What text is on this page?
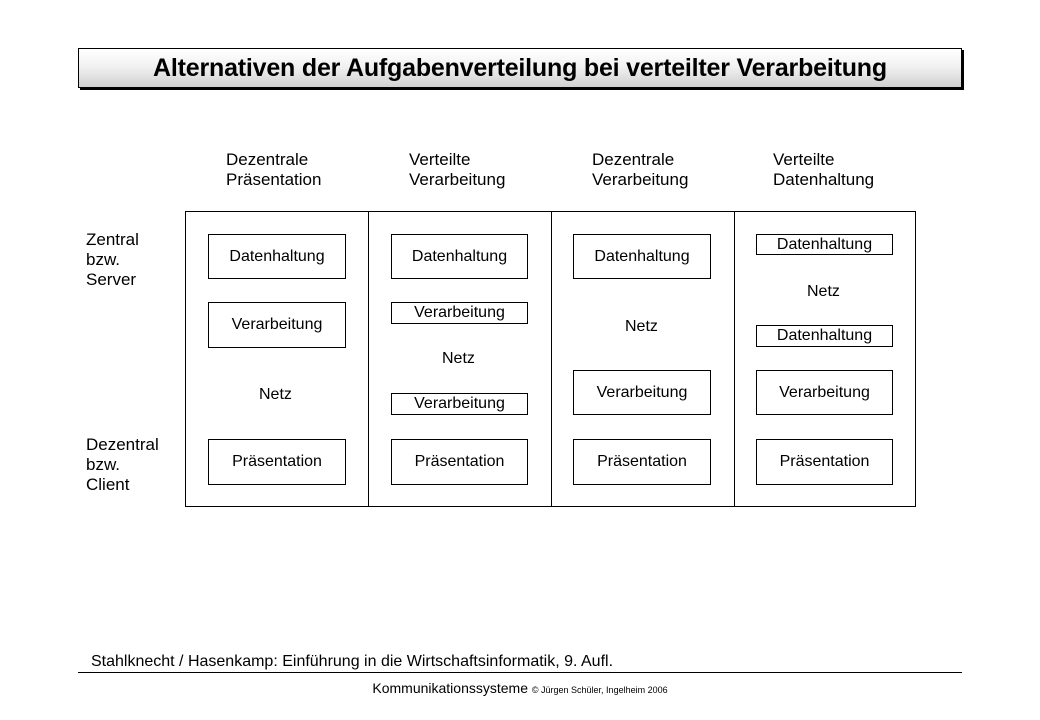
Alternativen der Aufgabenverteilung bei verteilter Verarbeitung
Dezentrale
Präsentation
Verteilte
Verarbeitung
Dezentrale
Verarbeitung
Verteilte
Datenhaltung
Zentral
bzw.
Server
Dezentral
bzw.
Client
Datenhaltung
Verarbeitung
Netz
Präsentation
Datenhaltung
Verarbeitung
Netz
Verarbeitung
Präsentation
Datenhaltung
Netz
Verarbeitung
Präsentation
Datenhaltung
Netz
Datenhaltung
Verarbeitung
Präsentation
Stahlknecht / Hasenkamp: Einführung in die Wirtschaftsinformatik, 9. Aufl.
Kommunikationssysteme © Jürgen Schüler, Ingelheim 2006
